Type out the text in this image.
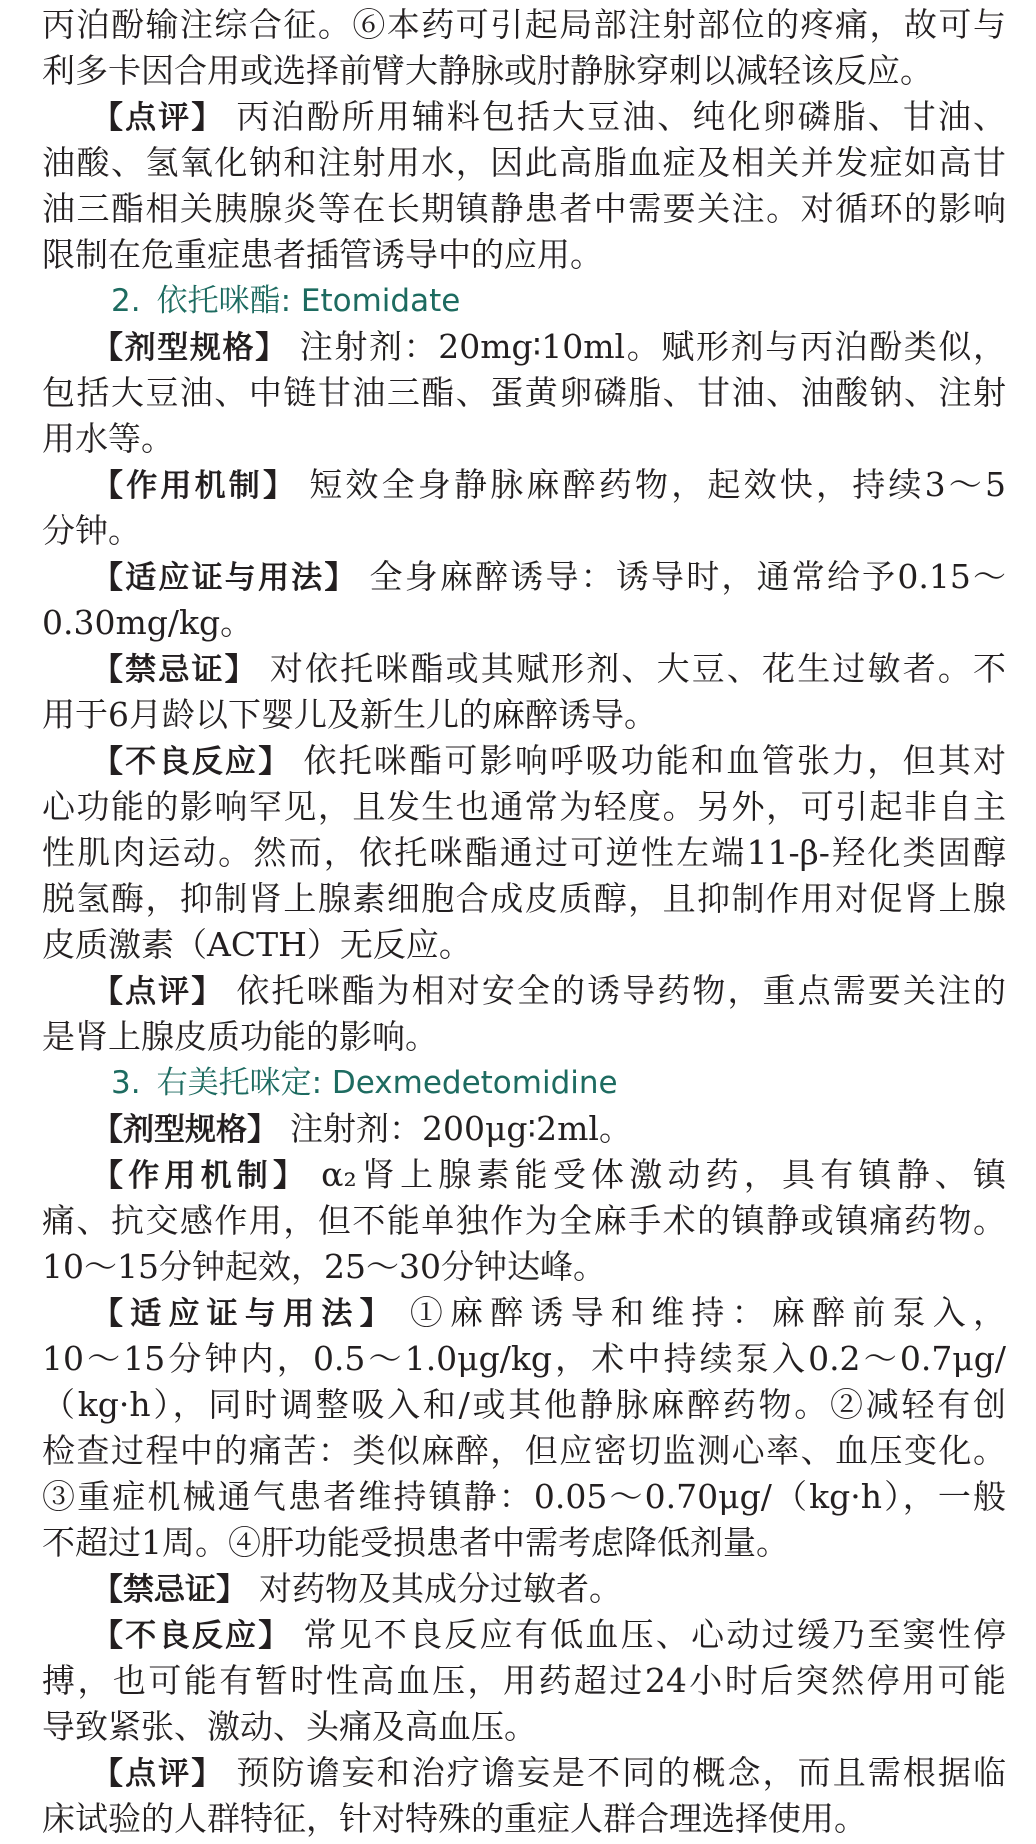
丙泊酚输注综合征。⑥本药可引起局部注射部位的疼痛，故可与
利多卡因合用或选择前臂大静脉或肘静脉穿刺以减轻该反应。
【点评】 丙泊酚所用辅料包括大豆油、纯化卵磷脂、甘油、
油酸、氢氧化钠和注射用水，因此高脂血症及相关并发症如高甘
油三酯相关胰腺炎等在长期镇静患者中需要关注。对循环的影响
限制在危重症患者插管诱导中的应用。
2. 依托咪酯: Etomidate
【剂型规格】 注射剂：20mg∶10ml。赋形剂与丙泊酚类似，
包括大豆油、中链甘油三酯、蛋黄卵磷脂、甘油、油酸钠、注射
用水等。
【作用机制】 短效全身静脉麻醉药物，起效快，持续3～5
分钟。
【适应证与用法】 全身麻醉诱导：诱导时，通常给予0.15～
0.30mg/kg。
【禁忌证】 对依托咪酯或其赋形剂、大豆、花生过敏者。不
用于6月龄以下婴儿及新生儿的麻醉诱导。
【不良反应】 依托咪酯可影响呼吸功能和血管张力，但其对
心功能的影响罕见，且发生也通常为轻度。另外，可引起非自主
性肌肉运动。然而，依托咪酯通过可逆性左端11-β-羟化类固醇
脱氢酶，抑制肾上腺素细胞合成皮质醇，且抑制作用对促肾上腺
皮质激素（ACTH）无反应。
【点评】 依托咪酯为相对安全的诱导药物，重点需要关注的
是肾上腺皮质功能的影响。
3. 右美托咪定: Dexmedetomidine
【剂型规格】 注射剂：200μg∶2ml。
【作用机制】 α₂肾上腺素能受体激动药，具有镇静、镇
痛、抗交感作用，但不能单独作为全麻手术的镇静或镇痛药物。
10～15分钟起效，25～30分钟达峰。
【适应证与用法】 ①麻醉诱导和维持：麻醉前泵入，
10～15分钟内，0.5～1.0μg/kg，术中持续泵入0.2～0.7μg/
（kg·h），同时调整吸入和/或其他静脉麻醉药物。②减轻有创
检查过程中的痛苦：类似麻醉，但应密切监测心率、血压变化。
③重症机械通气患者维持镇静：0.05～0.70μg/（kg·h），一般
不超过1周。④肝功能受损患者中需考虑降低剂量。
【禁忌证】 对药物及其成分过敏者。
【不良反应】 常见不良反应有低血压、心动过缓乃至窦性停
搏，也可能有暂时性高血压，用药超过24小时后突然停用可能
导致紧张、激动、头痛及高血压。
【点评】 预防谵妄和治疗谵妄是不同的概念，而且需根据临
床试验的人群特征，针对特殊的重症人群合理选择使用。
